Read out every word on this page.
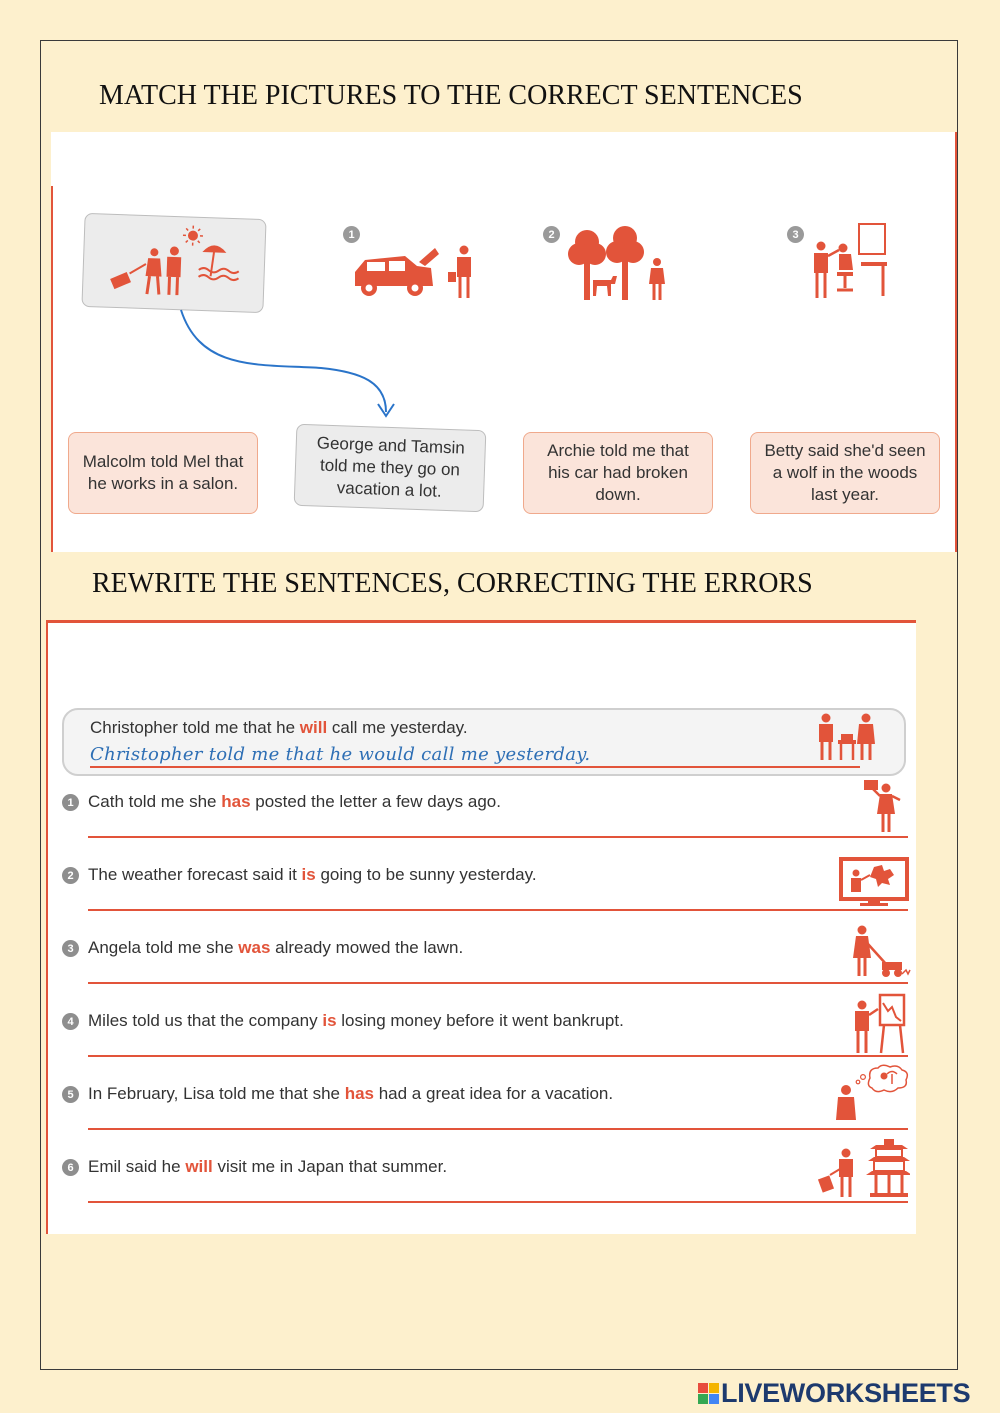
MATCH THE PICTURES TO THE CORRECT SENTENCES
1	2	3
Malcolm told Mel that he works in a salon.
George and Tamsin told me they go on vacation a lot.
Archie told me that his car had broken down.
Betty said she'd seen a wolf in the woods last year.
REWRITE THE SENTENCES, CORRECTING THE ERRORS
Christopher told me that he will call me yesterday.
Christopher told me that he would call me yesterday.
1 Cath told me she has posted the letter a few days ago.
2 The weather forecast said it is going to be sunny yesterday.
3 Angela told me she was already mowed the lawn.
4 Miles told us that the company is losing money before it went bankrupt.
5 In February, Lisa told me that she has had a great idea for a vacation.
6 Emil said he will visit me in Japan that summer.
LIVEWORKSHEETS
